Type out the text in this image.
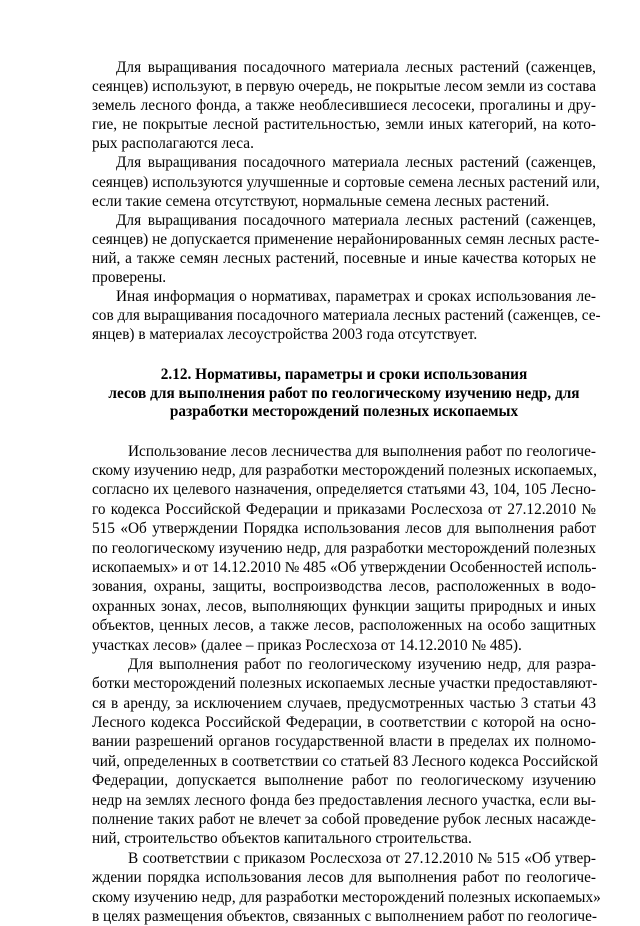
Для выращивания посадочного материала лесных растений (саженцев,
сеянцев) используют, в первую очередь, не покрытые лесом земли из состава
земель лесного фонда, а также необлесившиеся лесосеки, прогалины и дру-
гие, не покрытые лесной растительностью, земли иных категорий, на кото-
рых располагаются леса.
Для выращивания посадочного материала лесных растений (саженцев,
сеянцев) используются улучшенные и сортовые семена лесных растений или,
если такие семена отсутствуют, нормальные семена лесных растений.
Для выращивания посадочного материала лесных растений (саженцев,
сеянцев) не допускается применение нерайонированных семян лесных расте-
ний, а также семян лесных растений, посевные и иные качества которых не
проверены.
Иная информация о нормативах, параметрах и сроках использования ле-
сов для выращивания посадочного материала лесных растений (саженцев, се-
янцев) в материалах лесоустройства 2003 года отсутствует.
2.12. Нормативы, параметры и сроки использования
лесов для выполнения работ по геологическому изучению недр, для
разработки месторождений полезных ископаемых
Использование лесов лесничества для выполнения работ по геологиче-
скому изучению недр, для разработки месторождений полезных ископаемых,
согласно их целевого назначения, определяется статьями 43, 104, 105 Лесно-
го кодекса Российской Федерации и приказами Рослесхоза от 27.12.2010 №
515 «Об утверждении Порядка использования лесов для выполнения работ
по геологическому изучению недр, для разработки месторождений полезных
ископаемых» и от 14.12.2010 № 485 «Об утверждении Особенностей исполь-
зования, охраны, защиты, воспроизводства лесов, расположенных в водо-
охранных зонах, лесов, выполняющих функции защиты природных и иных
объектов, ценных лесов, а также лесов, расположенных на особо защитных
участках лесов» (далее – приказ Рослесхоза от 14.12.2010 № 485).
Для выполнения работ по геологическому изучению недр, для разра-
ботки месторождений полезных ископаемых лесные участки предоставляют-
ся в аренду, за исключением случаев, предусмотренных частью 3 статьи 43
Лесного кодекса Российской Федерации, в соответствии с которой на осно-
вании разрешений органов государственной власти в пределах их полномо-
чий, определенных в соответствии со статьей 83 Лесного кодекса Российской
Федерации, допускается выполнение работ по геологическому изучению
недр на землях лесного фонда без предоставления лесного участка, если вы-
полнение таких работ не влечет за собой проведение рубок лесных насажде-
ний, строительство объектов капитального строительства.
В соответствии с приказом Рослесхоза от 27.12.2010 № 515 «Об утвер-
ждении порядка использования лесов для выполнения работ по геологиче-
скому изучению недр, для разработки месторождений полезных ископаемых»
в целях размещения объектов, связанных с выполнением работ по геологиче-
